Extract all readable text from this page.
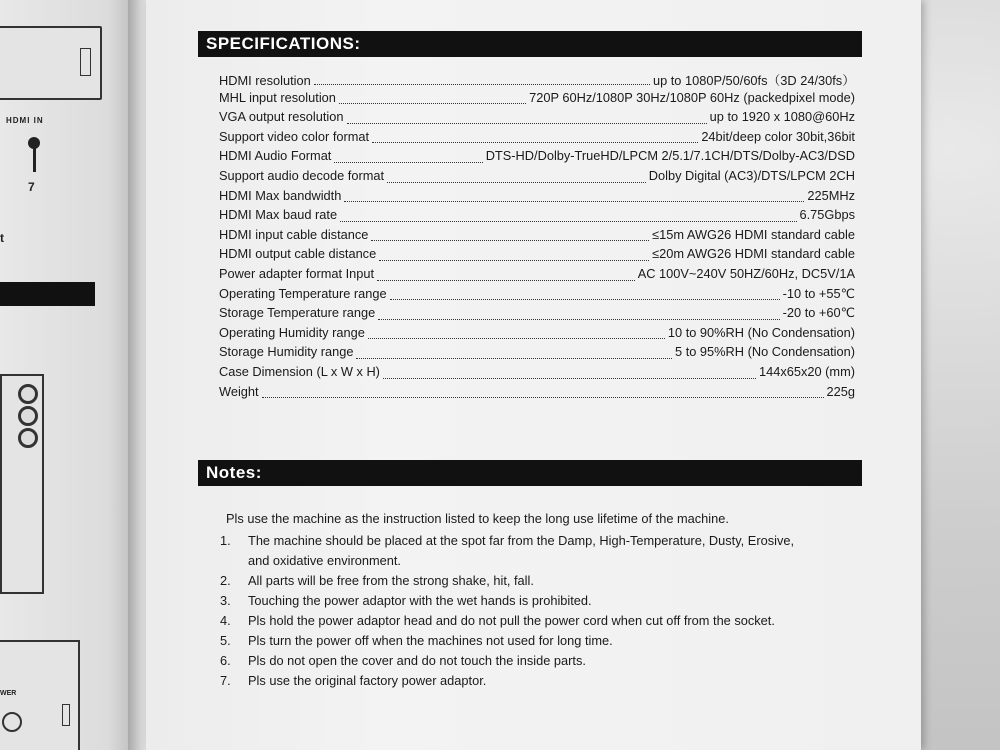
HDMI IN
7
t
WER
SPECIFICATIONS:
HDMI resolution	up to 1080P/50/60fs（3D 24/30fs）
MHL input resolution	720P 60Hz/1080P 30Hz/1080P 60Hz (packedpixel mode)
VGA output resolution	up to 1920 x 1080@60Hz
Support video color format	24bit/deep color 30bit,36bit
HDMI Audio Format	DTS-HD/Dolby-TrueHD/LPCM 2/5.1/7.1CH/DTS/Dolby-AC3/DSD
Support audio decode format	Dolby Digital (AC3)/DTS/LPCM 2CH
HDMI Max bandwidth	225MHz
HDMI Max baud rate	6.75Gbps
HDMI input cable distance	≤15m AWG26 HDMI standard cable
HDMI output cable distance	≤20m AWG26 HDMI standard cable
Power adapter format Input	AC 100V~240V 50HZ/60Hz, DC5V/1A
Operating Temperature range	-10 to +55℃
Storage Temperature range	-20 to +60℃
Operating Humidity range	10 to 90%RH (No Condensation)
Storage Humidity range	5 to 95%RH (No Condensation)
Case Dimension (L x W x H)	144x65x20 (mm)
Weight	225g
Notes:
Pls use the machine as the instruction listed to keep the long use lifetime of the machine.
1.	The machine should be placed at the spot far from the Damp, High-Temperature, Dusty, Erosive,
and oxidative environment.
2.	All parts will be free from the strong shake, hit, fall.
3.	Touching the power adaptor with the wet hands is prohibited.
4.	Pls hold the power adaptor head and do not pull the power cord when cut off from the socket.
5.	Pls turn the power off when the machines not used for long time.
6.	Pls do not open the cover and do not touch the inside parts.
7.	Pls use the original factory power adaptor.
